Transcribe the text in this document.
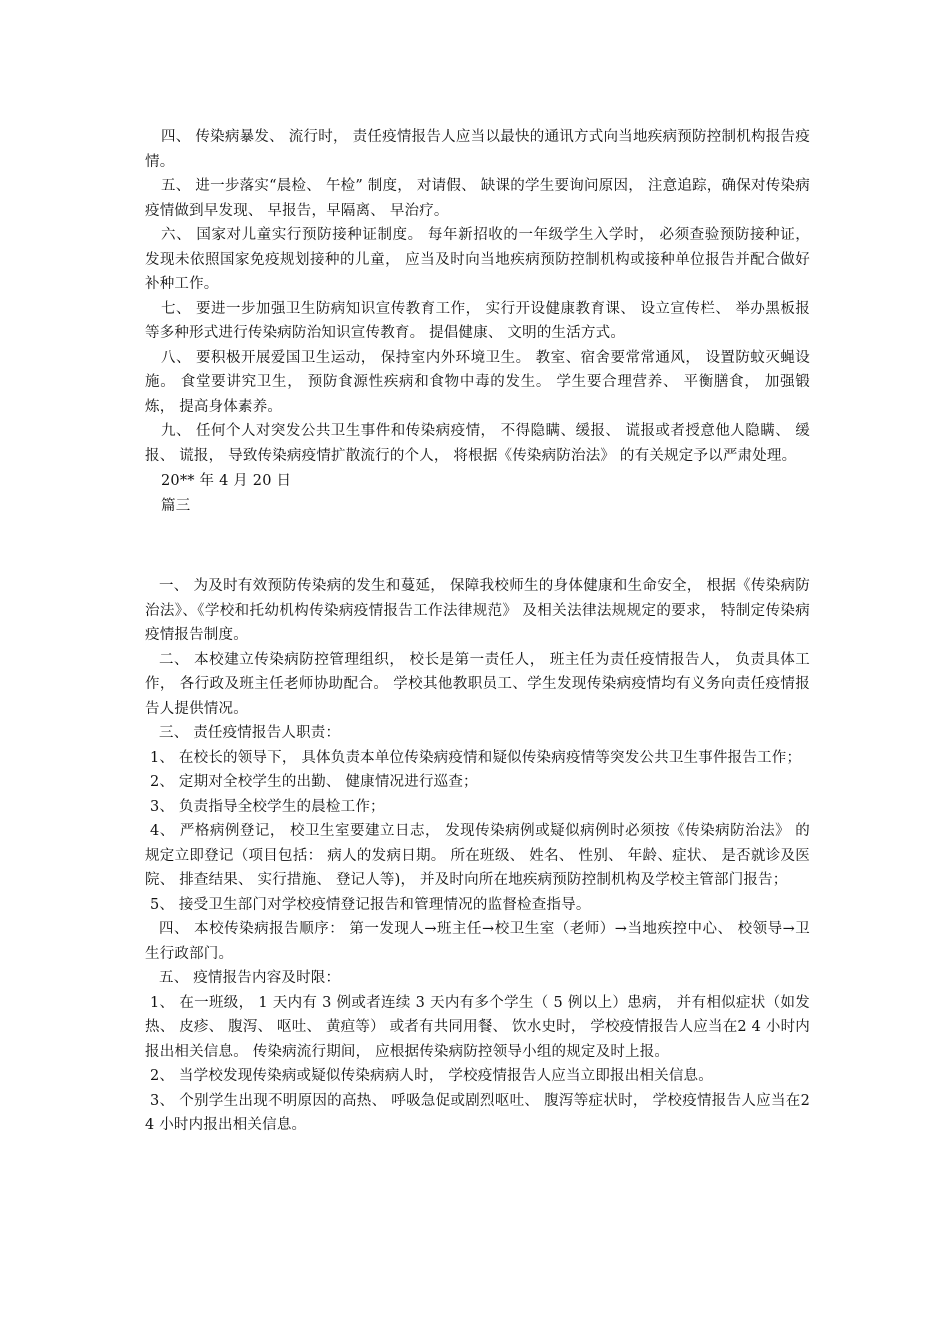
四、 传染病暴发、 流行时， 责任疫情报告人应当以最快的通讯方式向当地疾病预防控制机构报告疫情。

五、 进一步落实“晨检、 午检” 制度， 对请假、 缺课的学生要询问原因， 注意追踪，确保对传染病疫情做到早发现、 早报告，早隔离、 早治疗。

六、 国家对儿童实行预防接种证制度。 每年新招收的一年级学生入学时， 必须查验预防接种证， 发现未依照国家免疫规划接种的儿童， 应当及时向当地疾病预防控制机构或接种单位报告并配合做好补种工作。

七、 要进一步加强卫生防病知识宣传教育工作， 实行开设健康教育课、 设立宣传栏、 举办黑板报等多种形式进行传染病防治知识宣传教育。 提倡健康、 文明的生活方式。

八、 要积极开展爱国卫生运动， 保持室内外环境卫生。 教室、宿舍要常常通风， 设置防蚊灭蝇设施。 食堂要讲究卫生， 预防食源性疾病和食物中毒的发生。 学生要合理营养、 平衡膳食， 加强锻炼， 提高身体素养。

九、 任何个人对突发公共卫生事件和传染病疫情， 不得隐瞒、缓报、 谎报或者授意他人隐瞒、 缓报、 谎报， 导致传染病疫情扩散流行的个人， 将根据《传染病防治法》 的有关规定予以严肃处理。

20** 年 4 月 20 日

篇三

一、 为及时有效预防传染病的发生和蔓延， 保障我校师生的身体健康和生命安全， 根据《传染病防治法》、《学校和托幼机构传染病疫情报告工作法律规范》 及相关法律法规规定的要求， 特制定传染病疫情报告制度。

二、 本校建立传染病防控管理组织， 校长是第一责任人， 班主任为责任疫情报告人， 负责具体工作， 各行政及班主任老师协助配合。 学校其他教职员工、学生发现传染病疫情均有义务向责任疫情报告人提供情况。

三、 责任疫情报告人职责：

1、 在校长的领导下， 具体负责本单位传染病疫情和疑似传染病疫情等突发公共卫生事件报告工作；

2、 定期对全校学生的出勤、 健康情况进行巡查；

3、 负责指导全校学生的晨检工作；

4、 严格病例登记， 校卫生室要建立日志， 发现传染病例或疑似病例时必须按《传染病防治法》 的规定立即登记（项目包括： 病人的发病日期。 所在班级、 姓名、 性别、 年龄、症状、 是否就诊及医院、 排查结果、 实行措施、 登记人等)， 并及时向所在地疾病预防控制机构及学校主管部门报告；

5、 接受卫生部门对学校疫情登记报告和管理情况的监督检查指导。

四、 本校传染病报告顺序： 第一发现人→班主任→校卫生室（老师）→当地疾控中心、 校领导→卫生行政部门。

五、 疫情报告内容及时限：

1、 在一班级， 1 天内有 3 例或者连续 3 天内有多个学生（ 5 例以上）患病， 并有相似症状（如发热、 皮疹、 腹泻、 呕吐、 黄疸等） 或者有共同用餐、 饮水史时， 学校疫情报告人应当在2 4 小时内报出相关信息。 传染病流行期间， 应根据传染病防控领导小组的规定及时上报。

2、 当学校发现传染病或疑似传染病病人时， 学校疫情报告人应当立即报出相关信息。

3、 个别学生出现不明原因的高热、 呼吸急促或剧烈呕吐、 腹泻等症状时， 学校疫情报告人应当在2 4 小时内报出相关信息。
